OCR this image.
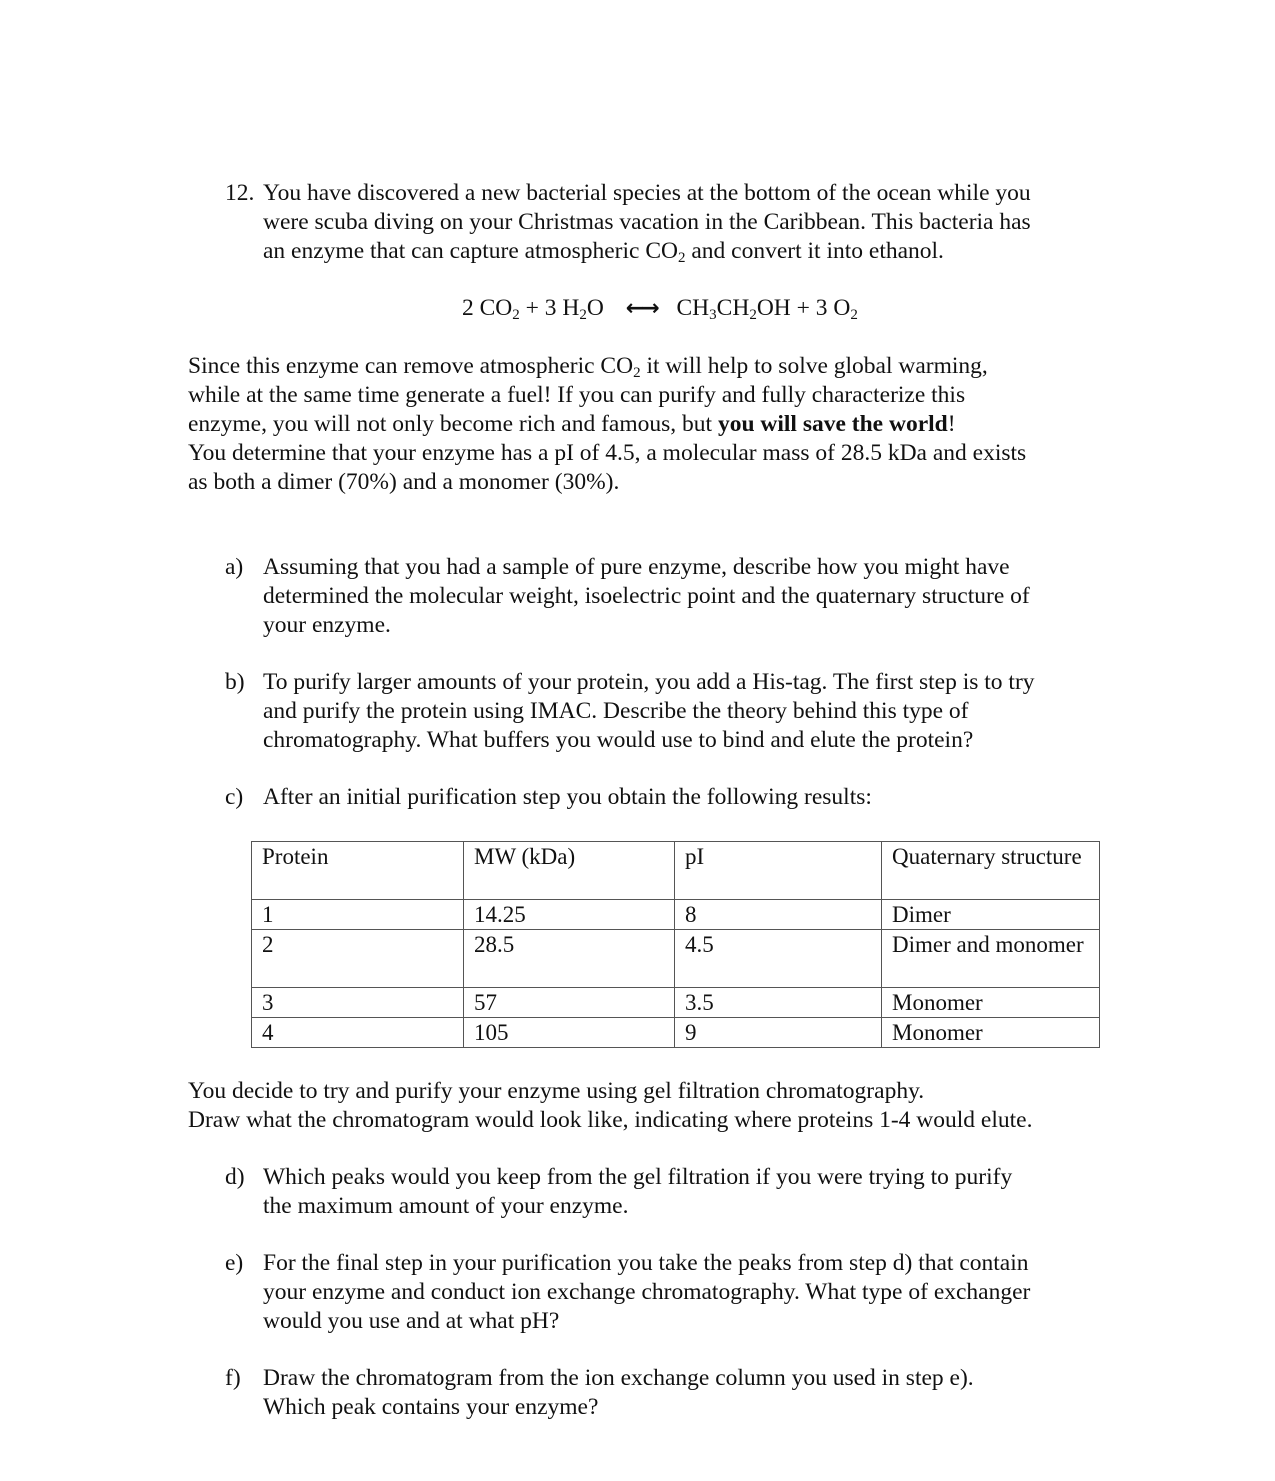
12. You have discovered a new bacterial species at the bottom of the ocean while you
were scuba diving on your Christmas vacation in the Caribbean. This bacteria has
an enzyme that can capture atmospheric $CO_2$ and convert it into ethanol.
2 $CO_2 + 3$ $H_2O$ ←→ $CH_3CH_2OH + 3$ $O_2$
Since this enzyme can remove atmospheric $CO_2$ it will help to solve global warming,
while at the same time generate a fuel! If you can purify and fully characterize this
enzyme, you will not only become rich and famous, but you will save the world!
You determine that your enzyme has a pI of 4.5, a molecular mass of 28.5 kDa and exists
as both a dimer (70%) and a monomer (30%).
a) Assuming that you had a sample of pure enzyme, describe how you might have
determined the molecular weight, isoelectric point and the quaternary structure of
your enzyme.
b) To purify larger amounts of your protein, you add a His-tag. The first step is to try
and purify the protein using IMAC. Describe the theory behind this type of
chromatography. What buffers you would use to bind and elute the protein?
c) After an initial purification step you obtain the following results:
Protein	MW (kDa)	pI	Quaternary structure
1	14.25	8	Dimer
2	28.5	4.5	Dimer and monomer
3	57	3.5	Monomer
4	105	9	Monomer
You decide to try and purify your enzyme using gel filtration chromatography.
Draw what the chromatogram would look like, indicating where proteins 1-4 would elute.
d) Which peaks would you keep from the gel filtration if you were trying to purify
the maximum amount of your enzyme.
e) For the final step in your purification you take the peaks from step d) that contain
your enzyme and conduct ion exchange chromatography. What type of exchanger
would you use and at what pH?
f) Draw the chromatogram from the ion exchange column you used in step e).
Which peak contains your enzyme?
